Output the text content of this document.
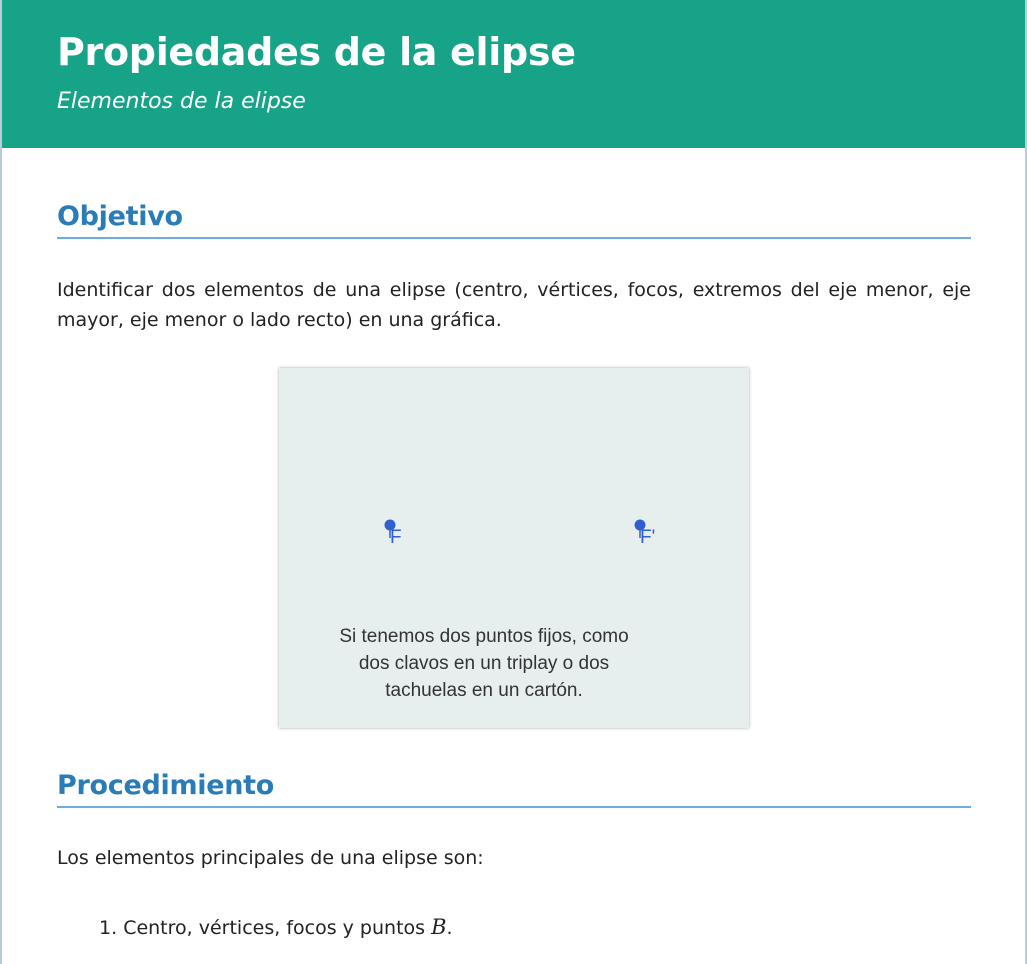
Propiedades de la elipse
Elementos de la elipse
Objetivo

Identificar dos elementos de una elipse (centro, vértices, focos, extremos del eje menor, eje mayor, eje menor o lado recto) en una gráfica.

F	F'
Si tenemos dos puntos fijos, como
dos clavos en un triplay o dos
tachuelas en un cartón.
Procedimiento

Los elementos principales de una elipse son:

1. Centro, vértices, focos y puntos B.
